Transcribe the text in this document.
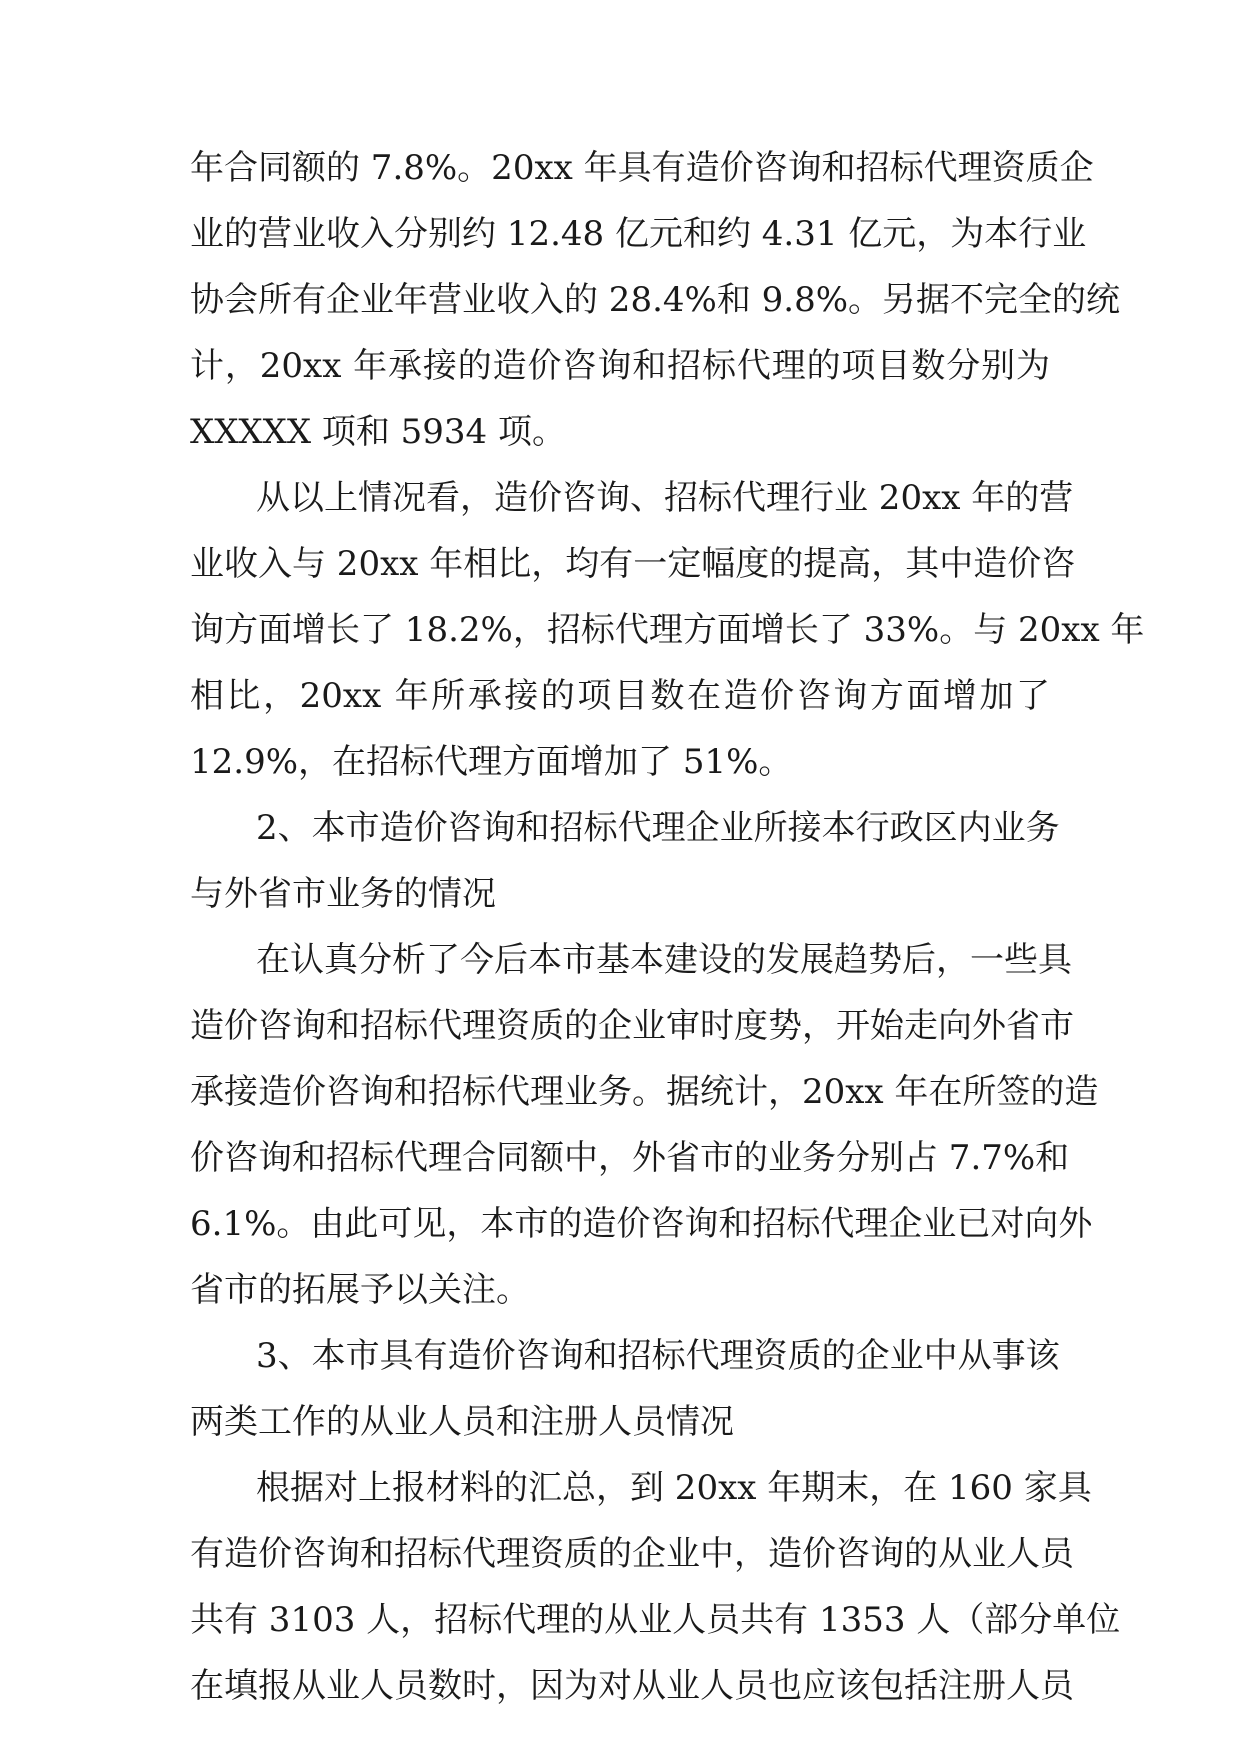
年合同额的 7.8%。20xx 年具有造价咨询和招标代理资质企
业的营业收入分别约 12.48 亿元和约 4.31 亿元，为本行业
协会所有企业年营业收入的 28.4%和 9.8%。另据不完全的统
计，20xx 年承接的造价咨询和招标代理的项目数分别为
XXXXX 项和 5934 项。
从以上情况看，造价咨询、招标代理行业 20xx 年的营
业收入与 20xx 年相比，均有一定幅度的提高，其中造价咨
询方面增长了 18.2%，招标代理方面增长了 33%。与 20xx 年
相比，20xx 年所承接的项目数在造价咨询方面增加了
12.9%，在招标代理方面增加了 51%。
2、本市造价咨询和招标代理企业所接本行政区内业务
与外省市业务的情况
在认真分析了今后本市基本建设的发展趋势后，一些具
造价咨询和招标代理资质的企业审时度势，开始走向外省市
承接造价咨询和招标代理业务。据统计，20xx 年在所签的造
价咨询和招标代理合同额中，外省市的业务分别占 7.7%和
6.1%。由此可见，本市的造价咨询和招标代理企业已对向外
省市的拓展予以关注。
3、本市具有造价咨询和招标代理资质的企业中从事该
两类工作的从业人员和注册人员情况
根据对上报材料的汇总，到 20xx 年期末，在 160 家具
有造价咨询和招标代理资质的企业中，造价咨询的从业人员
共有 3103 人，招标代理的从业人员共有 1353 人（部分单位
在填报从业人员数时，因为对从业人员也应该包括注册人员
